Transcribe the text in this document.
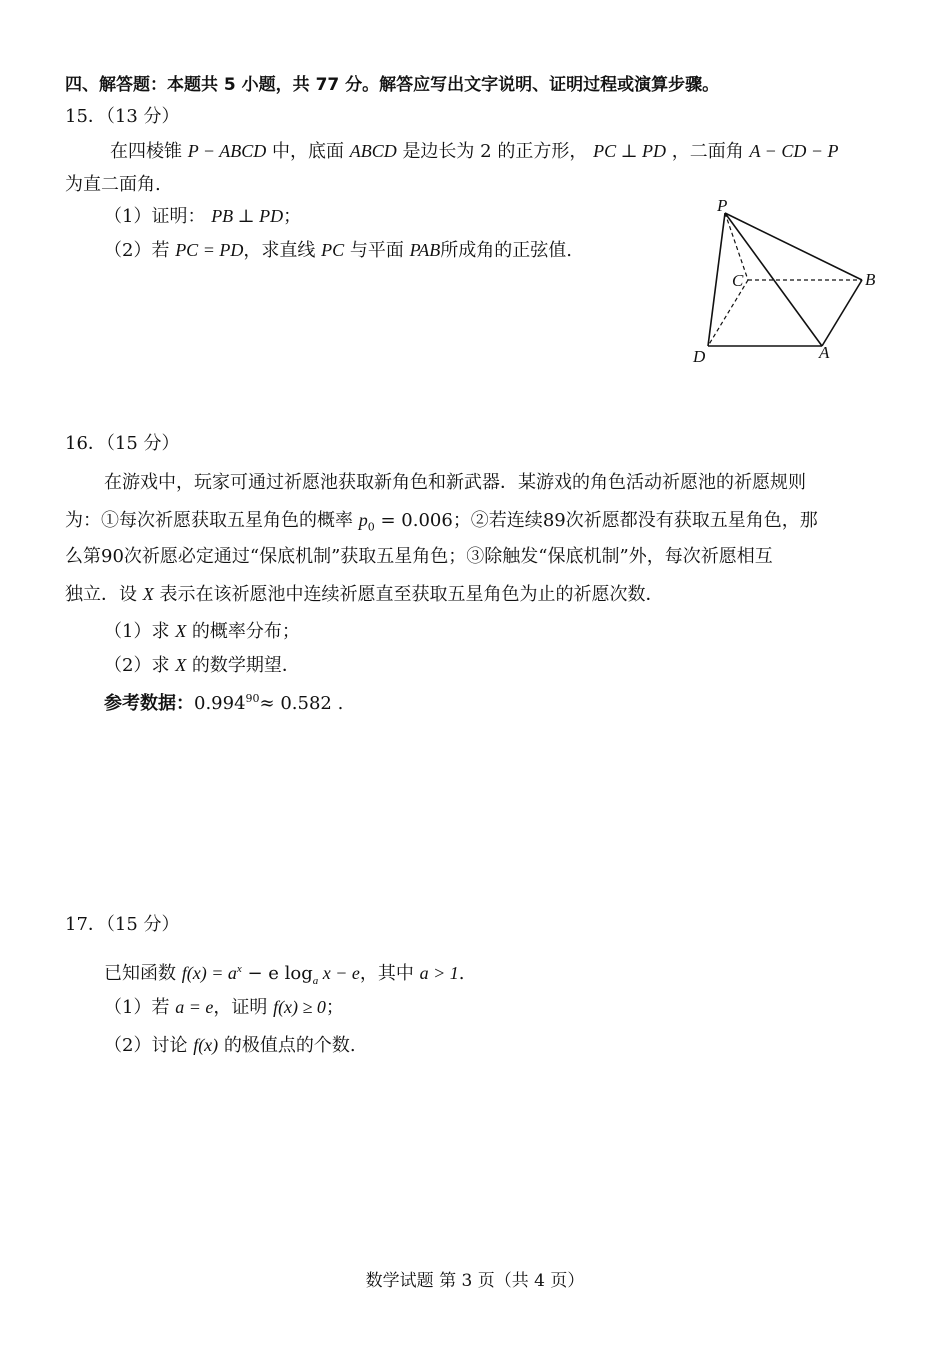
四、解答题：本题共 5 小题，共 77 分。解答应写出文字说明、证明过程或演算步骤。
15．（13 分）
在四棱锥 P − ABCD 中，底面 ABCD 是边长为 2 的正方形， PC ⊥ PD ，二面角 A − CD − P
为直二面角.
（1）证明： PB ⊥ PD；
（2）若 PC = PD，求直线 PC 与平面 PAB所成角的正弦值.
P
C	B
D	A
16．（15 分）
在游戏中，玩家可通过祈愿池获取新角色和新武器．某游戏的角色活动祈愿池的祈愿规则
为：①每次祈愿获取五星角色的概率 $p_0 = 0.006$；②若连续89次祈愿都没有获取五星角色，那
么第90次祈愿必定通过“保底机制”获取五星角色；③除触发“保底机制”外，每次祈愿相互
独立．设 X 表示在该祈愿池中连续祈愿直至获取五星角色为止的祈愿次数．
（1）求 X 的概率分布；
（2）求 X 的数学期望．
参考数据：$0.994^{90}\approx 0.582$ .
17．（15 分）
已知函数 $f(x) = a^x - e$ $\log_a x - e$，其中 a > 1.
（1）若 a = e，证明 f(x) ≥ 0；
（2）讨论 f(x) 的极值点的个数.
数学试题 第 3 页（共 4 页）
